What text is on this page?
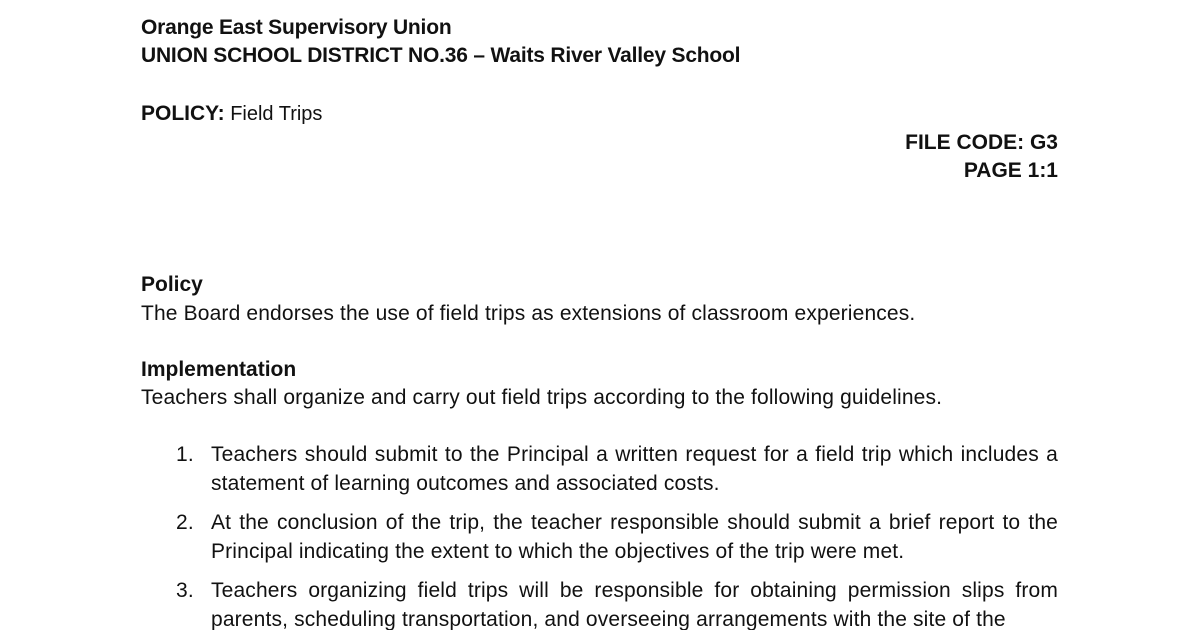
Orange East Supervisory Union
UNION SCHOOL DISTRICT NO.36 – Waits River Valley School
POLICY: Field Trips
FILE CODE: G3
PAGE 1:1
Policy
The Board endorses the use of field trips as extensions of classroom experiences.
Implementation
Teachers shall organize and carry out field trips according to the following guidelines.
1. Teachers should submit to the Principal a written request for a field trip which includes a statement of learning outcomes and associated costs.
2. At the conclusion of the trip, the teacher responsible should submit a brief report to the Principal indicating the extent to which the objectives of the trip were met.
3. Teachers organizing field trips will be responsible for obtaining permission slips from parents, scheduling transportation, and overseeing arrangements with the site of the
